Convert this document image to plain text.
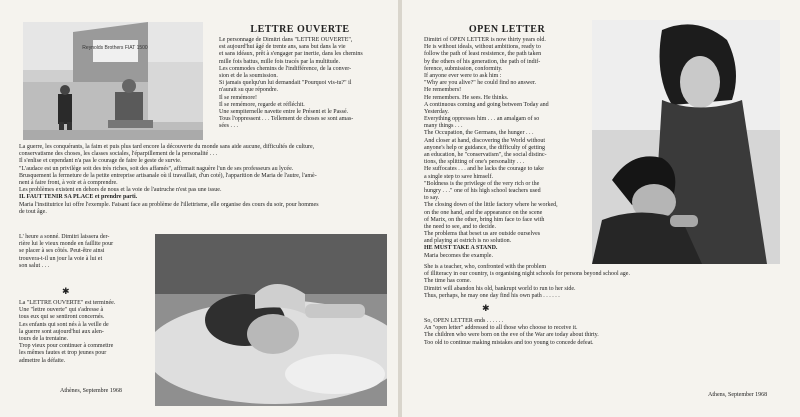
Reynolds Brothers FIAT 1500
LETTRE OUVERTE
Le personnage de Dimitri dans "LETTRE OUVERTE",
est aujourd'hui âgé de trente ans, sans but dans la vie
et sans idéaux, prêt à s'engager par inertie, dans les chemins
mille fois battus, mille fois tracés par la multitude.
Les commodes chemins de l'indifférence, de la conver-
sion et de la soumission.
Si jamais quelqu'un lui demandait "Pourquoi vis-tu?" il
n'aurait su que répondre.
Il se remémore!
Il se remémore, regarde et réfléchit.
Une sempiternelle navette entre le Présent et le Passé.
Tous l'oppressent . . . Tellement de choses se sont amas-
sées . . .
La guerre, les conquérants, la faim et puis plus tard encore la découverte du monde sans aide aucune, difficultés de culture,
conservatisme des choses, les classes sociales, l'éparpillement de la personalité . . .
Il s'enlise et cependant n'a pas le courage de faire le geste de survie.
"L'audace est un privilège soit des très riches, soit des affamés", affirmait naguère l'un de ses professeurs au lycée.
Brusquement la fermeture de la petite entreprise artisanale où il travaillait, d'un coté), l'apparition de Maria de l'autre, l'amè-
nent à faire front, à voir et à comprendre.
Les problèmes existent en dehors de nous et la voie de l'autruche n'est pas une issue.
IL FAUT TENIR SA PLACE et prendre parti.
Maria l'institutrice lui offre l'exemple. Faisant face au problème de l'illettrisme, elle organise des cours du soir, pour hommes
de tout âge.
L' heure a sonné. Dimitri laissera der-
rière lui le vieux monde en faillite pour
se placer à ses côtés. Peut-être ainsi
trouvera-t-il un jour la voie à lui et
son salut . . .
✱
La "LETTRE OUVERTE" est terminée.
Une "lettre ouverte" qui s'adresse à
tous eux qui se sentiront concernés.
Les enfants qui sont nés à la veille de
la guerre sont aujourd'hui aux alen-
tours de la trentaine.
Trop vieux pour continuer à commettre
les mêmes fautes et trop jeunes pour
admettre la défaite.
Athènes, Septembre 1968
OPEN LETTER
Dimitri of OPEN LETTER is now thirty years old.
He is without ideals, without ambitions, ready to
follow the path of least resistence, the path taken
by the others of his generation, the path of indif-
ference, submission, conformity.
If anyone ever were to ask him :
"Why are you alive?" he could find no answer.
He remembers!
He remembers. He sees. He thinks.
A continuous coming and going between Today and
Yesterday.
Everything oppresses him . . . an amalgam of so
many things . . .
The Occupation, the Germans, the hunger . . .
And closer at hand, discovering the World without
anyone's help or guidance, the difficulty of getting
an education, he "conservatism", the social distinc-
tions, the splitting of one's personality . . .
He suffocates . . . and he lacks the courage to take
a single step to save himself.
"Boldness is the privilege of the very rich or the
hungry . . ." one of his high school teachers used
to say.
The closing down of the little factory where he worked,
on the one hand, and the appearance on the scene
of Marix, on the other, bring him face to face with
the need to see, and to decide.
The problems that beset us are outside ourselves
and playing at ostrich is no solution.
HE MUST TAKE A STAND.
Maria becomes the example.
She is a teacher, who, confronted with the problem
of illiteracy in our country, is organising night schools for persons beyond school age.
The time has come.
Dimitri will abandon his old, bankrupt world to run to her side.
Thus, perhaps, he may one day find his own path . . . . . .
✱
So, OPEN LETTER ends . . . . . .
An "open letter" addressed to all those who choose to receive it.
The children who were born on the eve of the War are today about thirty.
Too old to continue making mistakes and too young to concede defeat.
Athens, September 1968
